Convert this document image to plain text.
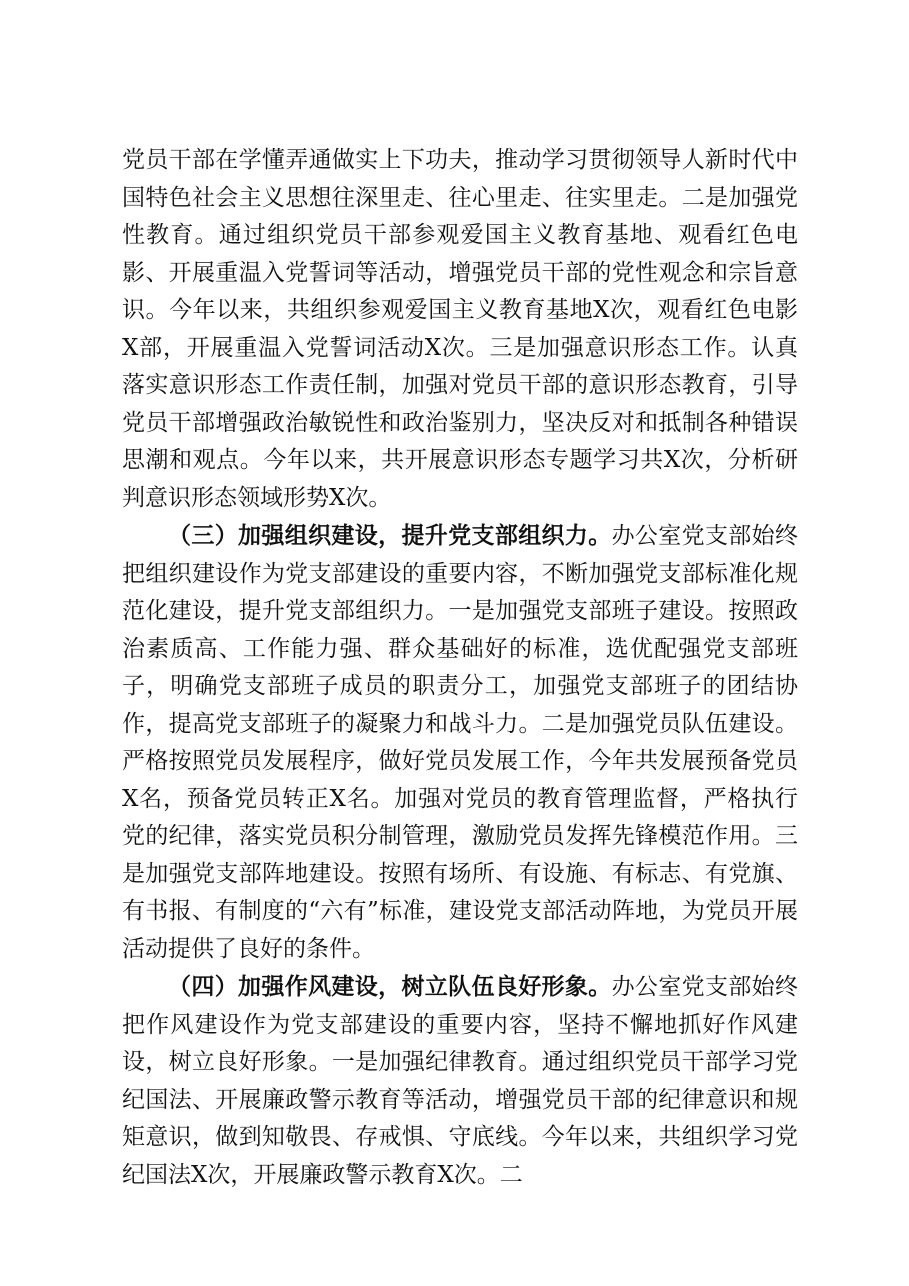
党员干部在学懂弄通做实上下功夫，推动学习贯彻领导人新时代中国特色社会主义思想往深里走、往心里走、往实里走。二是加强党性教育。通过组织党员干部参观爱国主义教育基地、观看红色电影、开展重温入党誓词等活动，增强党员干部的党性观念和宗旨意识。今年以来，共组织参观爱国主义教育基地X次，观看红色电影X部，开展重温入党誓词活动X次。三是加强意识形态工作。认真落实意识形态工作责任制，加强对党员干部的意识形态教育，引导党员干部增强政治敏锐性和政治鉴别力，坚决反对和抵制各种错误思潮和观点。今年以来，共开展意识形态专题学习共X次，分析研判意识形态领域形势X次。

（三）加强组织建设，提升党支部组织力。办公室党支部始终把组织建设作为党支部建设的重要内容，不断加强党支部标准化规范化建设，提升党支部组织力。一是加强党支部班子建设。按照政治素质高、工作能力强、群众基础好的标准，选优配强党支部班子，明确党支部班子成员的职责分工，加强党支部班子的团结协作，提高党支部班子的凝聚力和战斗力。二是加强党员队伍建设。严格按照党员发展程序，做好党员发展工作，今年共发展预备党员X名，预备党员转正X名。加强对党员的教育管理监督，严格执行党的纪律，落实党员积分制管理，激励党员发挥先锋模范作用。三是加强党支部阵地建设。按照有场所、有设施、有标志、有党旗、有书报、有制度的“六有”标准，建设党支部活动阵地，为党员开展活动提供了良好的条件。

（四）加强作风建设，树立队伍良好形象。办公室党支部始终把作风建设作为党支部建设的重要内容，坚持不懈地抓好作风建设，树立良好形象。一是加强纪律教育。通过组织党员干部学习党纪国法、开展廉政警示教育等活动，增强党员干部的纪律意识和规矩意识，做到知敬畏、存戒惧、守底线。今年以来，共组织学习党纪国法X次，开展廉政警示教育X次。二
